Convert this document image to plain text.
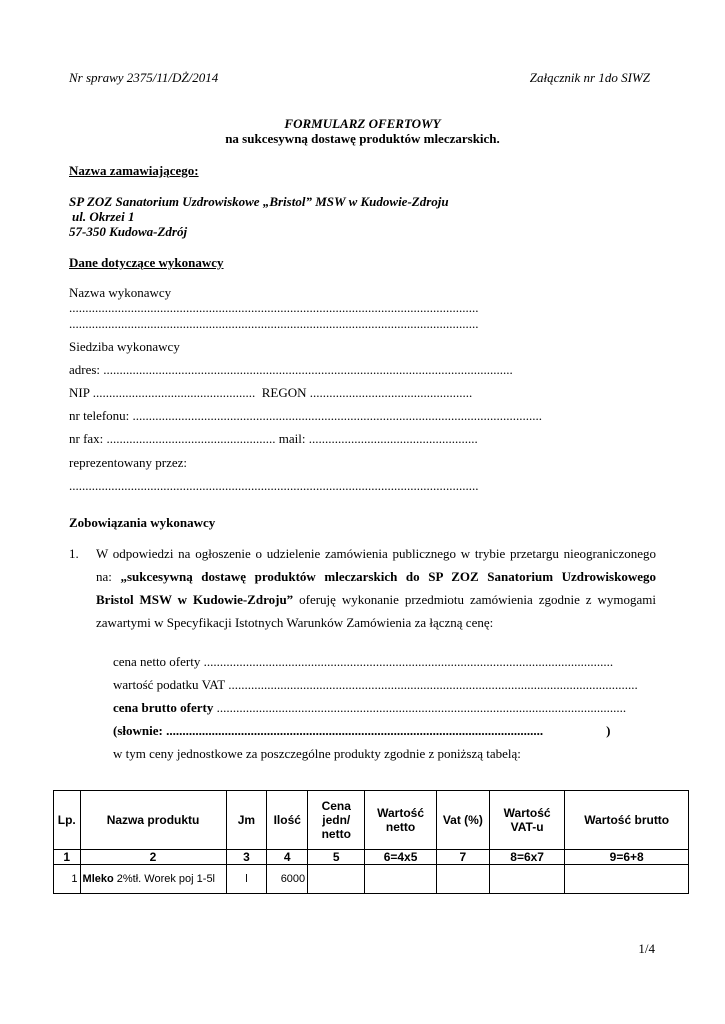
Nr sprawy 2375/11/DŻ/2014	Załącznik nr 1do SIWZ
FORMULARZ OFERTOWY
na sukcesywną dostawę produktów mleczarskich.
Nazwa zamawiającego:
SP ZOZ Sanatorium Uzdrowiskowe „Bristol” MSW w Kudowie-Zdroju
ul. Okrzei 1
57-350 Kudowa-Zdrój
Dane dotyczące wykonawcy
Nazwa wykonawcy
..............................................................................................................................
..............................................................................................................................
Siedziba wykonawcy
adres: ..............................................................................................................................
NIP .................................................. REGON ..................................................
nr telefonu: ..............................................................................................................................
nr fax: .................................................... mail: ....................................................
reprezentowany przez:
..............................................................................................................................
Zobowiązania wykonawcy
1. W odpowiedzi na ogłoszenie o udzielenie zamówienia publicznego w trybie przetargu nieograniczonego
na: „sukcesywną dostawę produktów mleczarskich do SP ZOZ Sanatorium Uzdrowiskowego
Bristol MSW w Kudowie-Zdroju” oferuję wykonanie przedmiotu zamówienia zgodnie z wymogami
zawartymi w Specyfikacji Istotnych Warunków Zamówienia za łączną cenę:
cena netto oferty ..............................................................................................................................
wartość podatku VAT ..............................................................................................................................
cena brutto oferty ..............................................................................................................................
(słownie: ....................................................................................................................	)
w tym ceny jednostkowe za poszczególne produkty zgodnie z poniższą tabelą:
Lp.	Nazwa produktu	Jm	Ilość	Cena jedn/ netto	Wartość netto	Vat (%)	Wartość VAT-u	Wartość brutto
1	2	3	4	5	6=4x5	7	8=6x7	9=6+8
1	Mleko 2%tł. Worek poj 1-5l	l	6000					
1/4
